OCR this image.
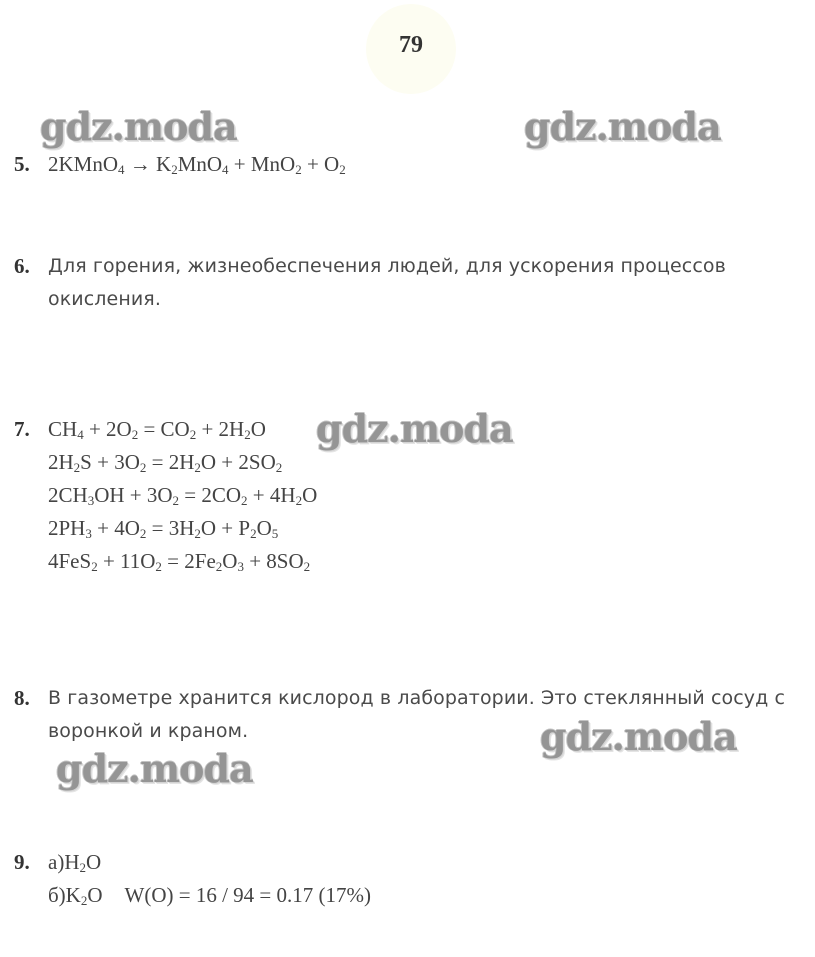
79
5. 2KMnO$_4$ → $K_2MnO_4 + MnO_2 + O_2$
6. Для горения, жизнеобеспечения людей, для ускорения процессов
окисления.
7. $CH_4 + 2O_2 = CO_2 + 2H_2O$
$2H_2S + 3O_2 = 2H_2O + 2SO_2$
$2CH_3OH + 3O_2 = 2CO_2 + 4H_2O$
$2PH_3 + 4O_2 = 3H_2O + P_2O_5$
$4FeS_2 + 11O_2 = 2Fe_2O_3 + 8SO_2$
8. В газометре хранится кислород в лаборатории. Это стеклянный сосуд с
воронкой и краном.
9. $а)H_2O$
$б)K_2O$ W(O) = 16 / 94 = 0.17 (17%)
gdz.moda	gdz.moda
gdz.moda
gdz.moda
gdz.moda
